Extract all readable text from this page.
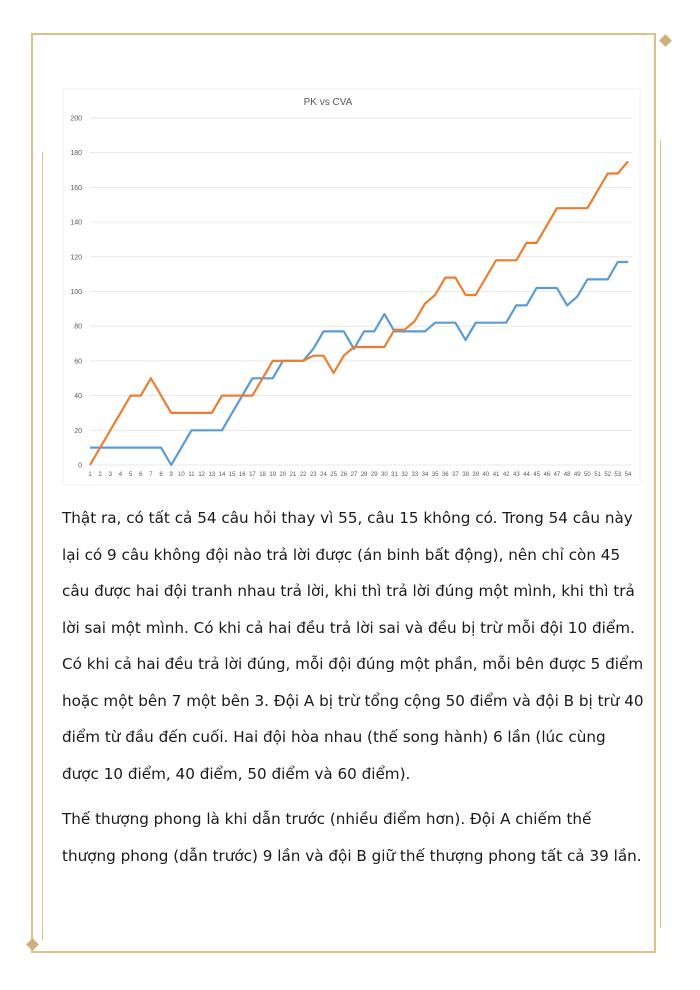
PK vs CVA
0
20
40
60
80
100
120
140
160
180
200
1 2 3 4 5 6 7 8 9 10 11 12 13 14 15 16 17 18 19 20 21 22 23 24 25 26 27 28 29 30 31 32 33 34 35 36 37 38 39 40 41 42 43 44 45 46 47 48 49 50 51 52 53 54

Thật ra, có tất cả 54 câu hỏi thay vì 55, câu 15 không có. Trong 54 câu này lại có 9 câu không đội nào trả lời được (án binh bất động), nên chỉ còn 45 câu được hai đội tranh nhau trả lời, khi thì trả lời đúng một mình, khi thì trả lời sai một mình. Có khi cả hai đều trả lời sai và đều bị trừ mỗi đội 10 điểm. Có khi cả hai đều trả lời đúng, mỗi đội đúng một phần, mỗi bên được 5 điểm hoặc một bên 7 một bên 3. Đội A bị trừ tổng cộng 50 điểm và đội B bị trừ 40 điểm từ đầu đến cuối. Hai đội hòa nhau (thế song hành) 6 lần (lúc cùng được 10 điểm, 40 điểm, 50 điểm và 60 điểm).

Thế thượng phong là khi dẫn trước (nhiều điểm hơn). Đội A chiếm thế thượng phong (dẫn trước) 9 lần và đội B giữ thế thượng phong tất cả 39 lần.
